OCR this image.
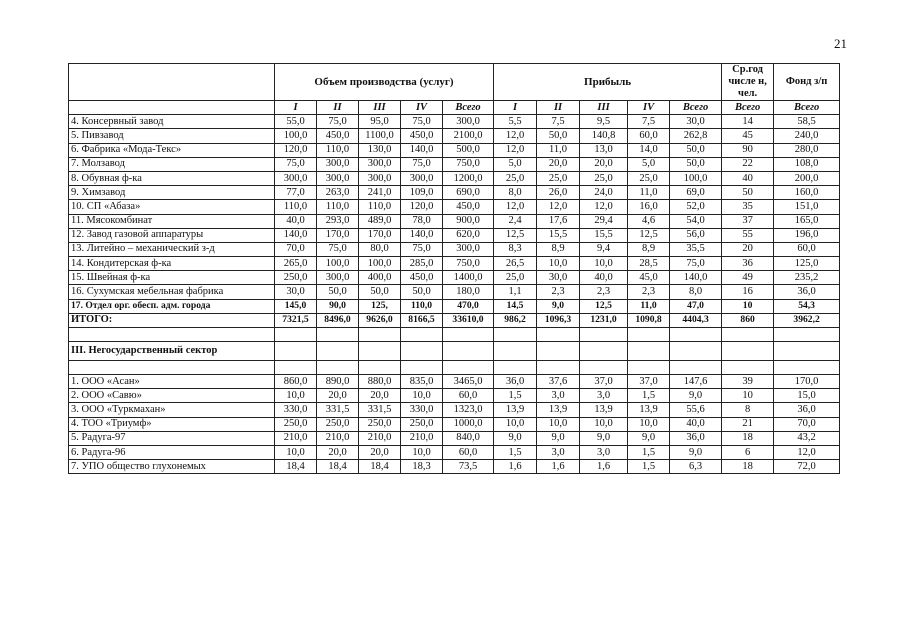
21
	Объем производства (услуг)					Прибыль					Ср.год числе н, чел.	Фонд з/п
	I	II	III	IV	Всего	I	II	III	IV	Всего	Всего	Всего
4. Консервный завод	55,0	75,0	95,0	75,0	300,0	5,5	7,5	9,5	7,5	30,0	14	58,5
5. Пивзавод	100,0	450,0	1100,0	450,0	2100,0	12,0	50,0	140,8	60,0	262,8	45	240,0
6. Фабрика «Мода-Текс»	120,0	110,0	130,0	140,0	500,0	12,0	11,0	13,0	14,0	50,0	90	280,0
7. Молзавод	75,0	300,0	300,0	75,0	750,0	5,0	20,0	20,0	5,0	50,0	22	108,0
8. Обувная ф-ка	300,0	300,0	300,0	300,0	1200,0	25,0	25,0	25,0	25,0	100,0	40	200,0
9. Химзавод	77,0	263,0	241,0	109,0	690,0	8,0	26,0	24,0	11,0	69,0	50	160,0
10. СП «Абаза»	110,0	110,0	110,0	120,0	450,0	12,0	12,0	12,0	16,0	52,0	35	151,0
11. Мясокомбинат	40,0	293,0	489,0	78,0	900,0	2,4	17,6	29,4	4,6	54,0	37	165,0
12. Завод газовой аппаратуры	140,0	170,0	170,0	140,0	620,0	12,5	15,5	15,5	12,5	56,0	55	196,0
13. Литейно – механический з-д	70,0	75,0	80,0	75,0	300,0	8,3	8,9	9,4	8,9	35,5	20	60,0
14. Кондитерская ф-ка	265,0	100,0	100,0	285,0	750,0	26,5	10,0	10,0	28,5	75,0	36	125,0
15. Швейная ф-ка	250,0	300,0	400,0	450,0	1400,0	25,0	30,0	40,0	45,0	140,0	49	235,2
16. Сухумская мебельная фабрика	30,0	50,0	50,0	50,0	180,0	1,1	2,3	2,3	2,3	8,0	16	36,0
17. Отдел орг. обесп. адм. города	145,0	90,0	125,	110,0	470,0	14,5	9,0	12,5	11,0	47,0	10	54,3
ИТОГО:	7321,5	8496,0	9626,0	8166,5	33610,0	986,2	1096,3	1231,0	1090,8	4404,3	860	3962,2

III. Негосударственный сектор												

1. ООО «Асан»	860,0	890,0	880,0	835,0	3465,0	36,0	37,6	37,0	37,0	147,6	39	170,0
2. ООО «Савю»	10,0	20,0	20,0	10,0	60,0	1,5	3,0	3,0	1,5	9,0	10	15,0
3. ООО «Туркмахан»	330,0	331,5	331,5	330,0	1323,0	13,9	13,9	13,9	13,9	55,6	8	36,0
4. ТОО «Триумф»	250,0	250,0	250,0	250,0	1000,0	10,0	10,0	10,0	10,0	40,0	21	70,0
5. Радуга-97	210,0	210,0	210,0	210,0	840,0	9,0	9,0	9,0	9,0	36,0	18	43,2
6. Радуга-96	10,0	20,0	20,0	10,0	60,0	1,5	3,0	3,0	1,5	9,0	6	12,0
7. УПО общество глухонемых	18,4	18,4	18,4	18,3	73,5	1,6	1,6	1,6	1,5	6,3	18	72,0
